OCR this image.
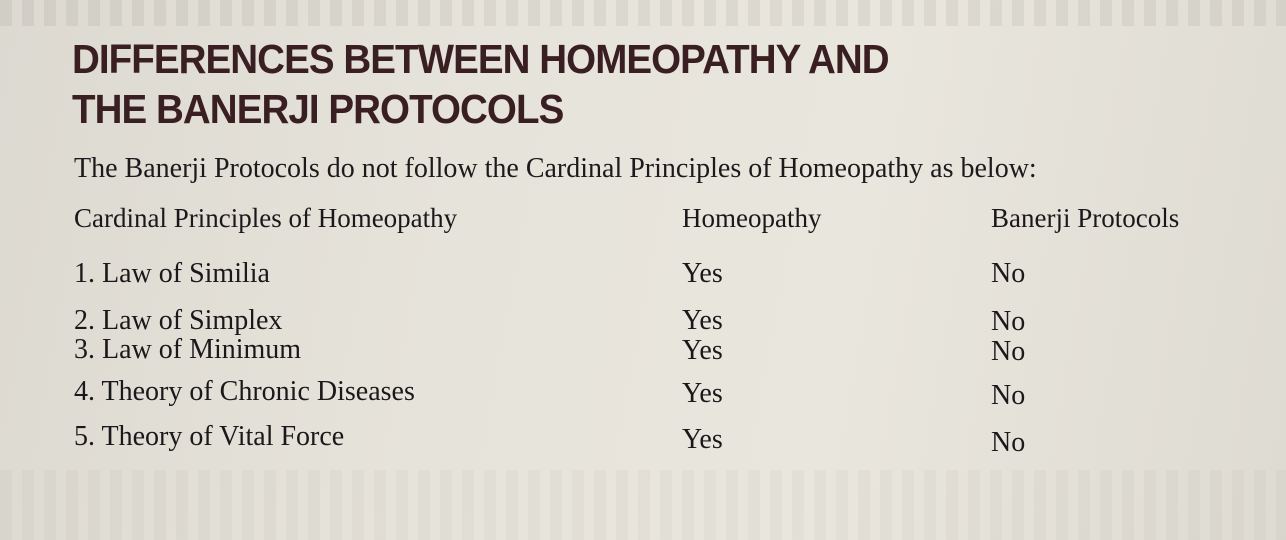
DIFFERENCES BETWEEN HOMEOPATHY AND
THE BANERJI PROTOCOLS

The Banerji Protocols do not follow the Cardinal Principles of Homeopathy as below:

Cardinal Principles of Homeopathy	Homeopathy	Banerji Protocols

1. Law of Similia	Yes	No

2. Law of Simplex	Yes	No

3. Law of Minimum	Yes	No

4. Theory of Chronic Diseases	Yes	No

5. Theory of Vital Force	Yes	No
